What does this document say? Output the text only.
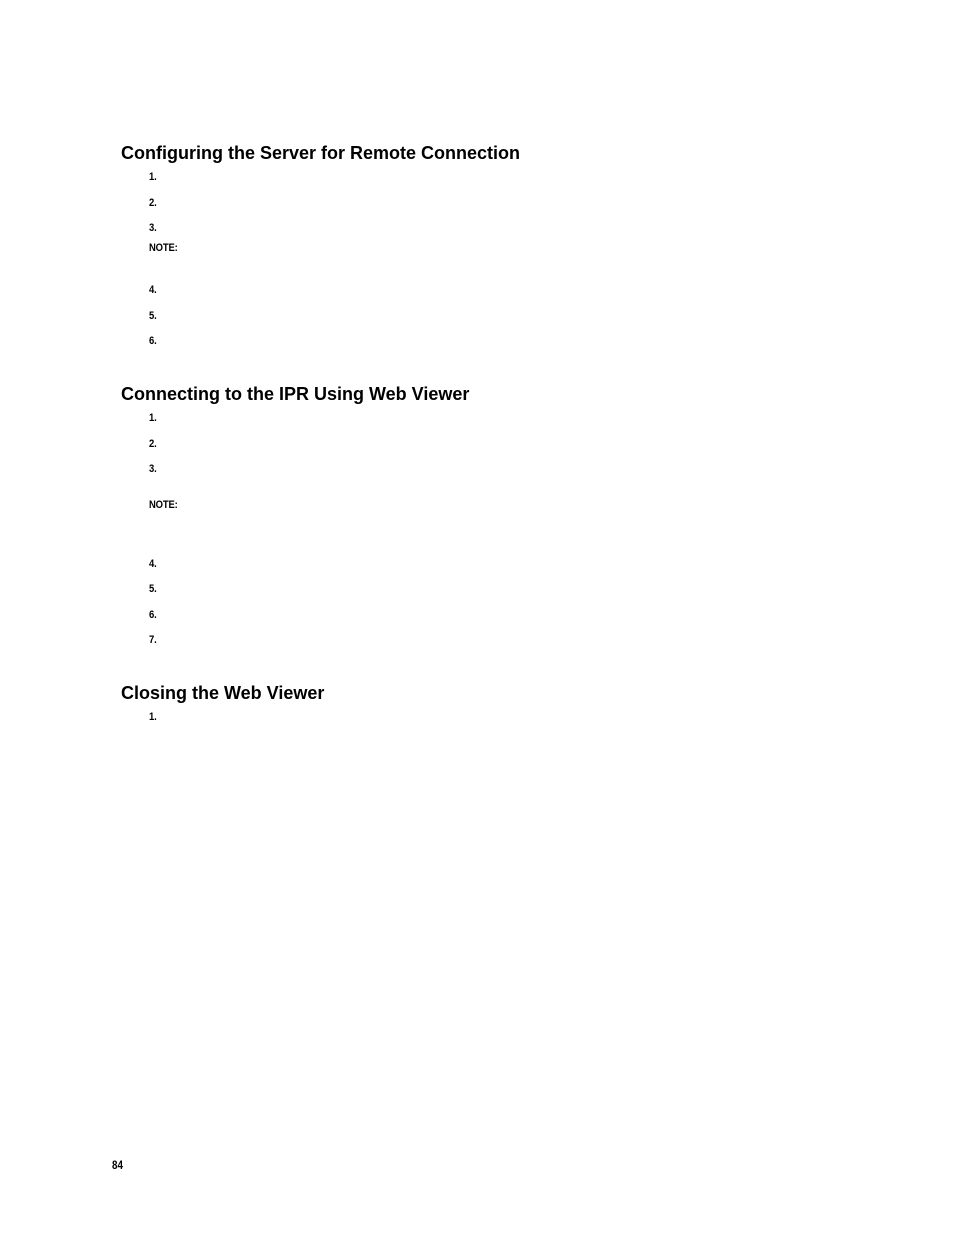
Configuring the Server for Remote Connection
1.
2.
3.
NOTE:
4.
5.
6.
Connecting to the IPR Using Web Viewer
1.
2.
3.
NOTE:
4.
5.
6.
7.
Closing the Web Viewer
1.
84
